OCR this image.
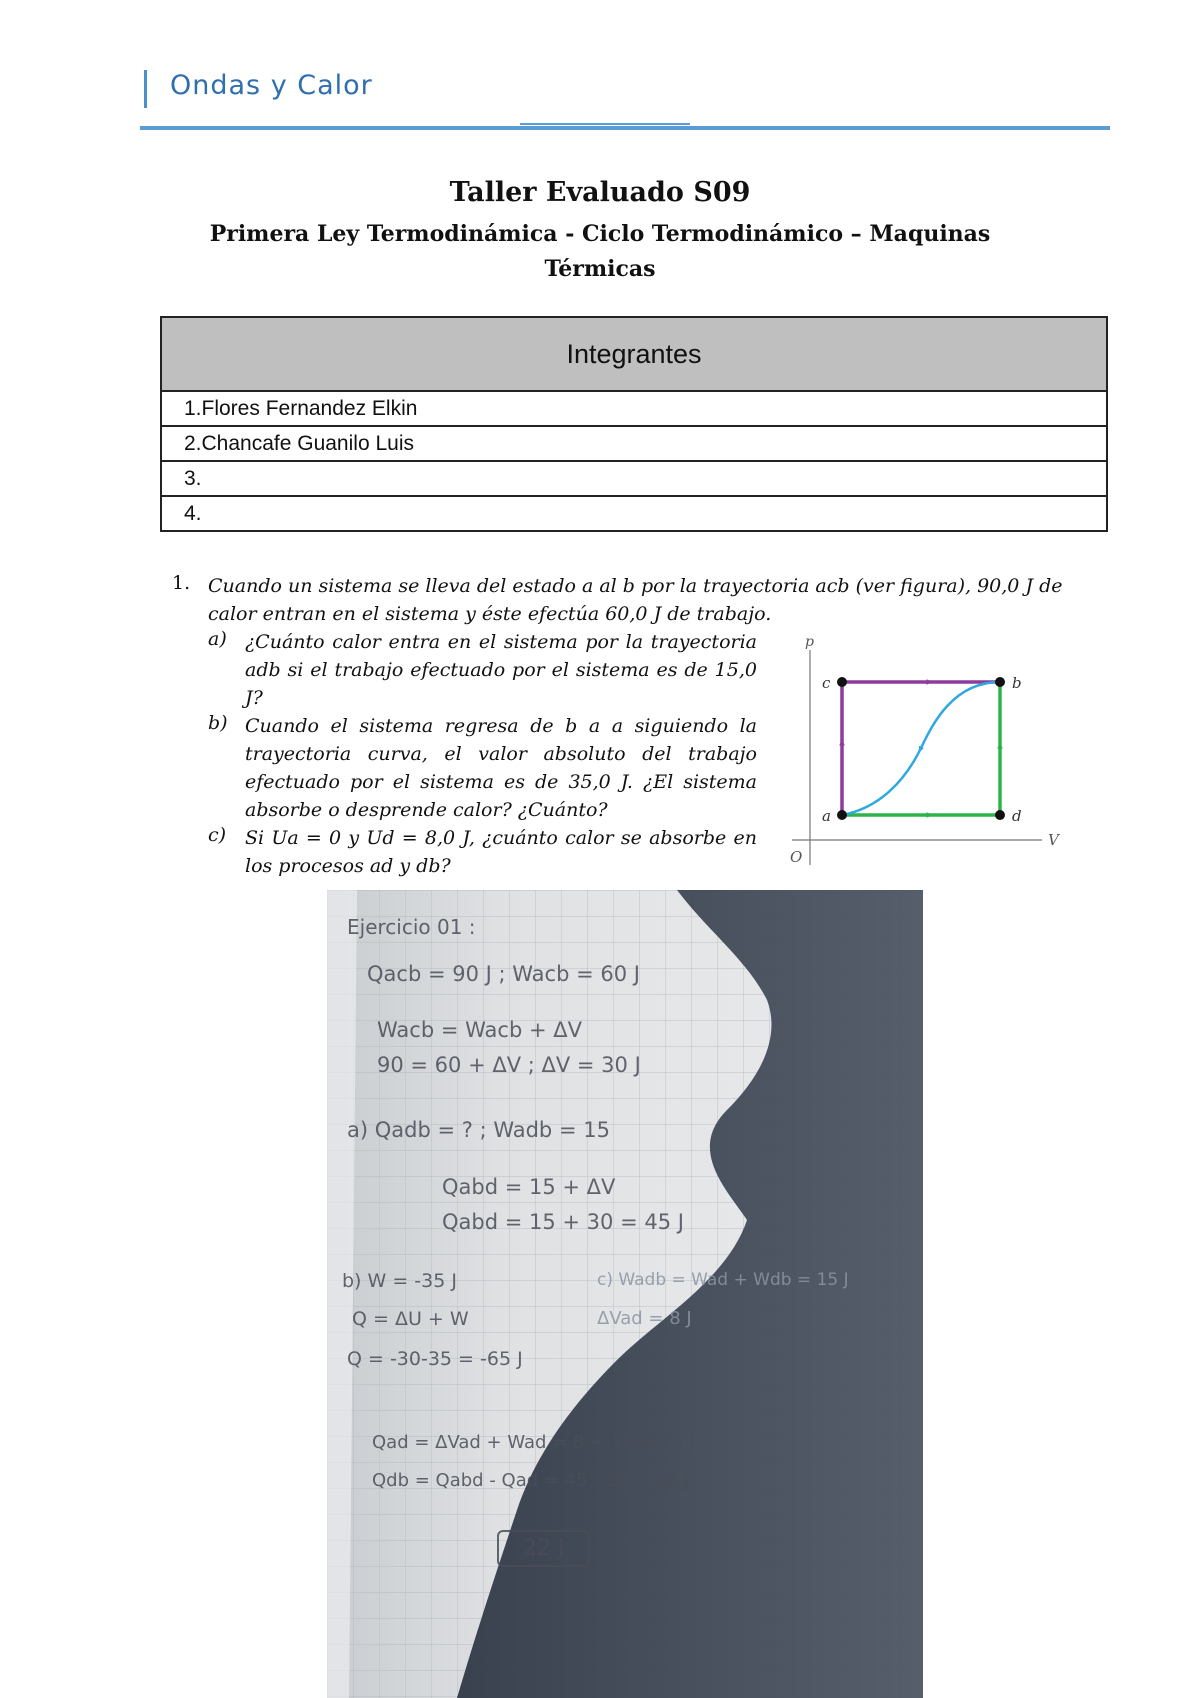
Ondas y Calor
Taller Evaluado S09
Primera Ley Termodinámica - Ciclo Termodinámico – Maquinas
Térmicas
Integrantes

1.Flores Fernandez Elkin
2.Chancafe Guanilo Luis
3.
4.
1. Cuando un sistema se lleva del estado a al b por la trayectoria acb (ver figura), 90,0 J de calor entran en el sistema y éste efectúa 60,0 J de trabajo.
a) ¿Cuánto calor entra en el sistema por la trayectoria adb si el trabajo efectuado por el sistema es de 15,0 J?
b) Cuando el sistema regresa de b a a siguiendo la trayectoria curva, el valor absoluto del trabajo efectuado por el sistema es de 35,0 J. ¿El sistema absorbe o desprende calor? ¿Cuánto?
c) Si 𝑈𝑎 = 0 y 𝑈𝑑 = 8,0 J, ¿cuánto calor se absorbe en los procesos ad y db?
p
V
O
c	b
a	d
Ejercicio 01 :
Qacb = 90 J ; Wacb = 60 J
Wacb = Wacb + ΔV
90 = 60 + ΔV ; ΔV = 30 J
a) Qadb = ? ; Wadb = 15
Qabd = 15 + ΔV
Qabd = 15 + 30 = 45 J
b) W = -35 J
Q = ΔU + W
Q = -30-35 = -65 J
c) Wadb = Wad + Wdb = 15 J
ΔVad = 8 J
Qad = ΔVad + Wad = 8 + 15 = 23 J
Qdb = Qabd - Qad = 45 - 23 = 22 J
22 J
